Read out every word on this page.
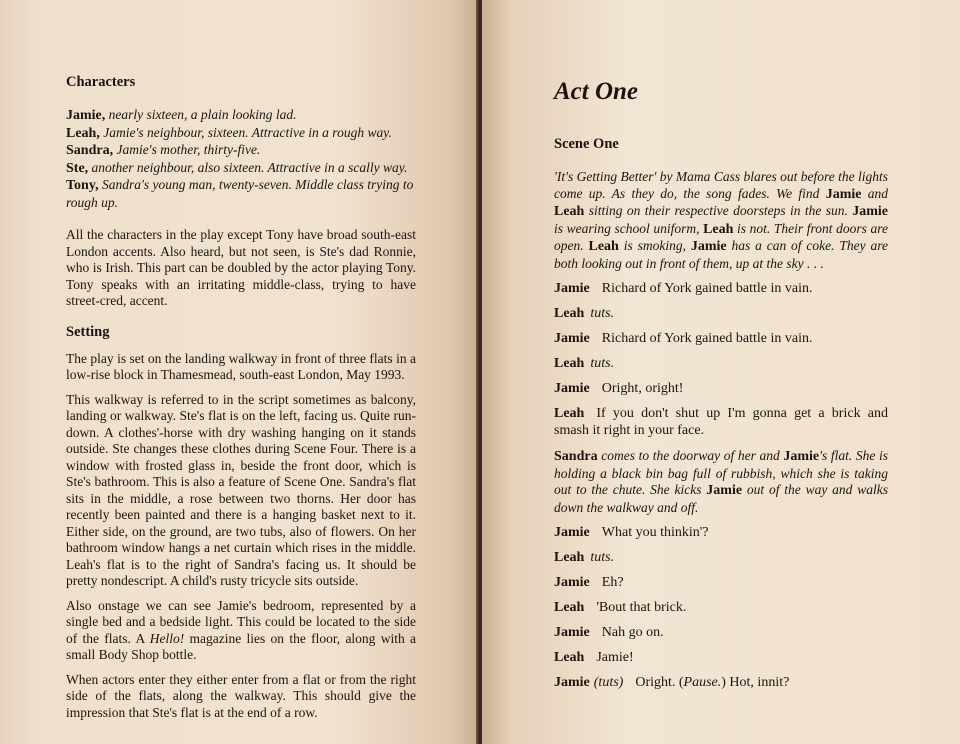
Characters

Jamie, nearly sixteen, a plain looking lad.

Leah, Jamie's neighbour, sixteen. Attractive in a rough way.

Sandra, Jamie's mother, thirty-five.

Ste, another neighbour, also sixteen. Attractive in a scally way.

Tony, Sandra's young man, twenty-seven. Middle class trying to rough up.

All the characters in the play except Tony have broad south-east London accents. Also heard, but not seen, is Ste's dad Ronnie, who is Irish. This part can be doubled by the actor playing Tony. Tony speaks with an irritating middle-class, trying to have street-cred, accent.

Setting

The play is set on the landing walkway in front of three flats in a low-rise block in Thamesmead, south-east London, May 1993.

This walkway is referred to in the script sometimes as balcony, landing or walkway. Ste's flat is on the left, facing us. Quite run-down. A clothes'-horse with dry washing hanging on it stands outside. Ste changes these clothes during Scene Four. There is a window with frosted glass in, beside the front door, which is Ste's bathroom. This is also a feature of Scene One. Sandra's flat sits in the middle, a rose between two thorns. Her door has recently been painted and there is a hanging basket next to it. Either side, on the ground, are two tubs, also of flowers. On her bathroom window hangs a net curtain which rises in the middle. Leah's flat is to the right of Sandra's facing us. It should be pretty nondescript. A child's rusty tricycle sits outside.

Also onstage we can see Jamie's bedroom, represented by a single bed and a bedside light. This could be located to the side of the flats. A Hello! magazine lies on the floor, along with a small Body Shop bottle.

When actors enter they either enter from a flat or from the right side of the flats, along the walkway. This should give the impression that Ste's flat is at the end of a row.

Act One

Scene One

'It's Getting Better' by Mama Cass blares out before the lights come up. As they do, the song fades. We find Jamie and Leah sitting on their respective doorsteps in the sun. Jamie is wearing school uniform, Leah is not. Their front doors are open. Leah is smoking, Jamie has a can of coke. They are both looking out in front of them, up at the sky . . .

Jamie Richard of York gained battle in vain.

Leah tuts.

Jamie Richard of York gained battle in vain.

Leah tuts.

Jamie Oright, oright!

Leah If you don't shut up I'm gonna get a brick and smash it right in your face.

Sandra comes to the doorway of her and Jamie's flat. She is holding a black bin bag full of rubbish, which she is taking out to the chute. She kicks Jamie out of the way and walks down the walkway and off.

Jamie What you thinkin'?

Leah tuts.

Jamie Eh?

Leah 'Bout that brick.

Jamie Nah go on.

Leah Jamie!

Jamie (tuts) Oright. (Pause.) Hot, innit?
